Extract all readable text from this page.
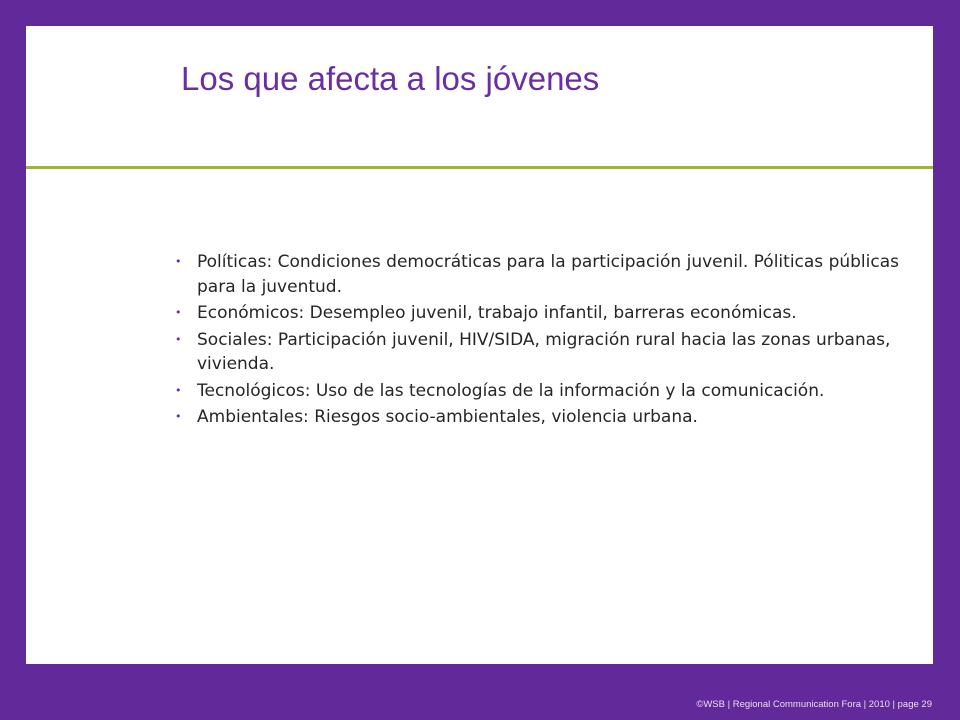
Los que afecta a los jóvenes
• Políticas: Condiciones democráticas para la participación juvenil. Póliticas públicas para la juventud.
• Económicos: Desempleo juvenil, trabajo infantil, barreras económicas.
• Sociales: Participación juvenil, HIV/SIDA, migración rural hacia las zonas urbanas, vivienda.
• Tecnológicos: Uso de las tecnologías de la información y la comunicación.
• Ambientales: Riesgos socio-ambientales, violencia urbana.
©WSB | Regional Communication Fora | 2010 | page 29
